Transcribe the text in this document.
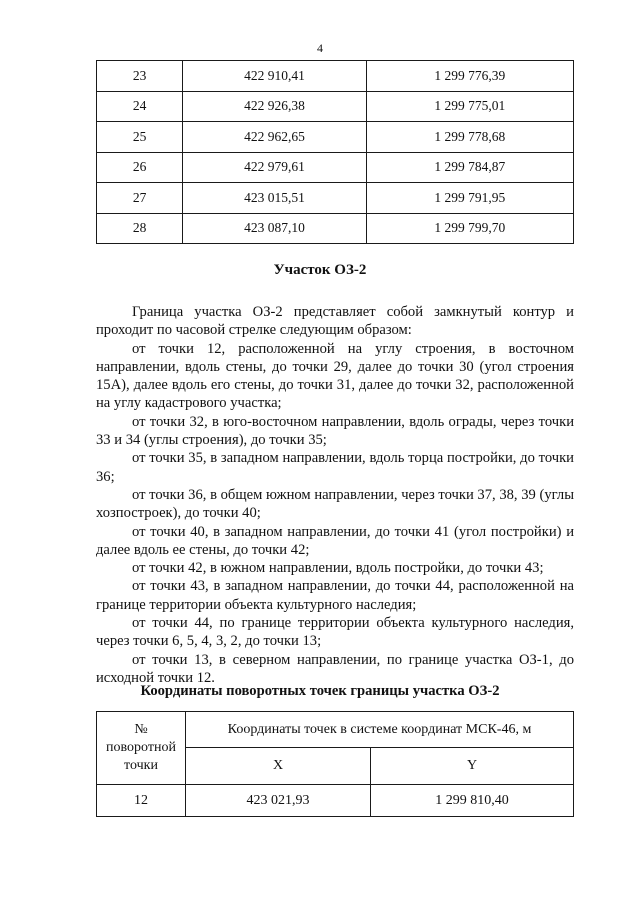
4
23	422 910,41	1 299 776,39
24	422 926,38	1 299 775,01
25	422 962,65	1 299 778,68
26	422 979,61	1 299 784,87
27	423 015,51	1 299 791,95
28	423 087,10	1 299 799,70
Участок ОЗ-2

Граница участка ОЗ-2 представляет собой замкнутый контур и проходит по часовой стрелке следующим образом:

от точки 12, расположенной на углу строения, в восточном направлении, вдоль стены, до точки 29, далее до точки 30 (угол строения 15А), далее вдоль его стены, до точки 31, далее до точки 32, расположенной на углу кадастрового участка;

от точки 32, в юго-восточном направлении, вдоль ограды, через точки 33 и 34 (углы строения), до точки 35;

от точки 35, в западном направлении, вдоль торца постройки, до точки 36;

от точки 36, в общем южном направлении, через точки 37, 38, 39 (углы хозпостроек), до точки 40;

от точки 40, в западном направлении, до точки 41 (угол постройки) и далее вдоль ее стены, до точки 42;

от точки 42, в южном направлении, вдоль постройки, до точки 43;

от точки 43, в западном направлении, до точки 44, расположенной на границе территории объекта культурного наследия;

от точки 44, по границе территории объекта культурного наследия, через точки 6, 5, 4, 3, 2, до точки 13;

от точки 13, в северном направлении, по границе участка ОЗ-1, до исходной точки 12.

Координаты поворотных точек границы участка ОЗ-2
№
поворотной
точки	Координаты точек в системе координат МСК-46, м	
	X	Y
12	423 021,93	1 299 810,40
